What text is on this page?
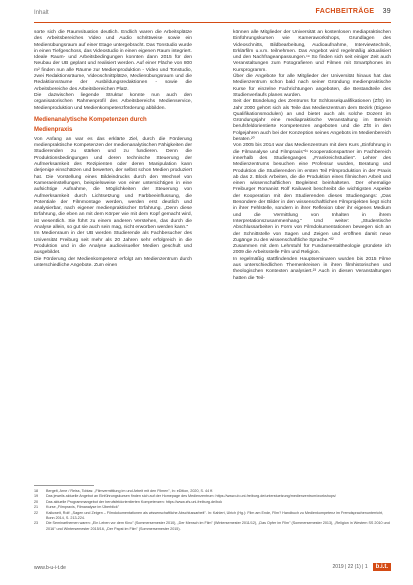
Inhalt	FACHBEITRÄGE 39

sorte sich die Raumsituation deutlich. Endlich waren die Arbeitsplätze des Arbeitsbereiches Video und Audio schrittweise sowie ein Medienübungsraum auf einer Etage untergebracht. Das Tonstudio wurde in einen Tiefgeschoss, das Videostudio in einen eigenen Raum integriert.

Ideale Raum- und Arbeitsbedingungen konnten dann 2015 für den Neubau der UB geplant und realisiert werden. Auf einer Fläche von 800 m² finden nun alle Räume zur Medienproduktion - Video und Tonstudio, zwei Redaktionsräume, Videoschnittplätze, Medienübungsraum und die Redaktionsräume der Ausbildungsredaktionen - sowie die Arbeitsbereiche des Arbeitsbereichen Platz.

Die dazwischen liegende Struktur konnte nun auch den organisatorischen Rahmenprofil des Arbeitsbereichs Medienservice, Medienproduktion und Medienkompetenzförderung abbilden.

Medienanalytische Kompetenzen durch
Medienpraxis

Von Anfang an war es das erklärte Ziel, durch die Förderung medienpraktische Kompetenzen der medienanalytischen Fähigkeiten der Studierenden zu stärken und zu fundieren. Denn die Produktionsbedingungen und deren technische Steuerung der Aufmerksamkeit des Rezipienten oder deren Manipulation kann derjenige einschätzen und bewerten, der selbst schon Medien produziert hat. Die Vorstellung eines Bildeindrucks durch den Wechsel von Kameraeinstellungen, beispielsweise von einer untersichtigen in eine aufsichtige Aufnahme, die Möglichkeiten der Steuerung von Aufmerksamkeit durch Lichtsetzung und Farbbeeinflussung, die Potentiale der Filmmontage werden, werden erst deutlich und analysierbar, nach eigener medienpraktischer Erfahrung. „Denn diese Erfahrung, die eben an mit dem Körper wie mit dem Kopf gemacht wird, ist wesentlich. Sie führt zu einem anderen Verstehen, das durch die Analyse allein, so gut sie auch sein mag, nicht erworben werden kann."

Im Medienraum in der UB werden Studierende als Fachbesucher des Universität Freiburg seit mehr als 20 Jahren sehr erfolgreich in die Produktion und in die Analyse audiovisueller Medien geschult und ausgebildet.

Die Förderung der Medienkompetenz erfolgt am Medienzentrum durch unterschiedliche Angebote. Zum einen

können alle Mitglieder der Universität an kostenlosen mediapraktischen Einführungskursen wie Kameraworkshops, Grundlagen des Videoschnitts, Bildbearbeitung, Audioaufnahme, Interviewtechnik, Erklärfilm u.v.m. teilnehmen. Das Angebot wird regelmäßig aktualisiert und den Nachfrageanpassungen.¹⁹ So finden sich seit einiger Zeit auch Veranstaltungen zum Fotografieren und Filmen mit Smartphones im Kursprogramm.

Über die Angebote für alle Mitglieder der Universität hinaus hat das Medienzentrum schon bald nach seiner Gründung medienpraktische Kurse für einzelne Fachrichtungen angeboten, die Bestandteile des Studienverlaufs planes wurden.

Seit der Bündelung des Zentrums für Schlüsselqualifikationen (ZfS) im Jahr 2000 gehört sich als Teile das Medienzentrum dem Bezirk (Eigene Qualifikationsmodulen) an und bietet auch als solche Dozent im Gründungsjahr eine mediapraktische Veranstaltung im Bereich berufsfeldorientierte Kompetenzen angeboten und die ZfS in den Folgejahren auch bei der Konzeption seines Angebots im Medienbereich beraten.²⁰

Von 2005 bis 2014 war das Medienzentrum mit dem Kurs „Einführung in die Filmanalyse und Filmpraxis"²¹ Kooperationspartner im Fachbereich innerhalb des Studienganges „Frankreichstudien". Lehrer des Medienzentrums besuchen eine Professur wurden, Beratung und Produktion die Studierenden im ersten Teil Filmproduktion in der Praxis ab das 2. Block Arbeiten, die die Produktion eines filmischen Arbeit und einen wissenschaftlichen Begleitext beinhalteten. Der ehemalige Freiburger Romanist Rolf Kailuweit beschreibt die wichtigsten Aspekte der Kooperation mit den Studierenden dieses Studiengangs: „Das Besondere der Bilder in den wissenschaftlichen Filmprojekten liegt nicht in ihrer Fehlstelle, sondern in ihrer Reflexion über ihr eigenes Medium und die Vermittlung von Inhalten in ihrem Interpretationszusammenhang." Und weiter: „Studentische Abschlussarbeiten in Form von Filmdokumentationen bewegen sich an der Schnittstelle von Sagen und Zeigen und eröffnen damit neue Zugänge zu den wissenschaftliche Sprache."²²

Zusammen mit dem Lehrstuhl für Fundamentaltheologie gründete ich 2009 die Arbeitsstelle Film und Religion.

In regelmäßig stattfindenden Hauptseminaren wurden bis 2015 Filme aus unterschiedlichen Themenkreisen in ihren filmhistorischen und theologischen Kontexten analysiert.²³ Auch in diesen Veranstaltungen hatten die Teil-

18	Bergelt, Arne / Reiss, Tobias: „Filmvermittlung im und Arbeit mit den Filmen", In: eDition, 2020, S. 44 ff.
19	Das jeweils aktuelle Angebot an Einführungskursen finden sich auf der Homepage des Medienzentrum: https://www.ub.uni-freiburg.de/unterstuetzung/medienzentrum/workshops/
20	Das aktuelle Programmangebot der berufsfeldorientierten Kompetenzen: https://www.zfs.uni-freiburg.de/bok
21	Kurse „Filmpraxis, Filmanalyse im Überblick"
22	Kailuweit, Rolf: „Sagen und Zeigen – Filmdokumentationen als wissenschaftliche Abschlussarbeit". In: Kahlert, Ulrich (Hg.): Film am Ende, Film? Handbuch zu Medienkompetenz im Fremdsprachenunterricht, Bonn 2014, S. 213-224.
23	Die Seminarthemen waren: „Ein Leben vor dem Kino" (Sommersemester 2010), „Der Mensch im Film" (Wintersemester 2011/12), „Das Opfer im Film" (Sommersemester 2013), „Religion in Western SS 2010 und 2016" und Wintersemester 2015/16, „Der Papst im Film" (Sommersemester 2015).
www.b-u-i-t.de	2019 | 22 (1) | 1	b.i.t.
